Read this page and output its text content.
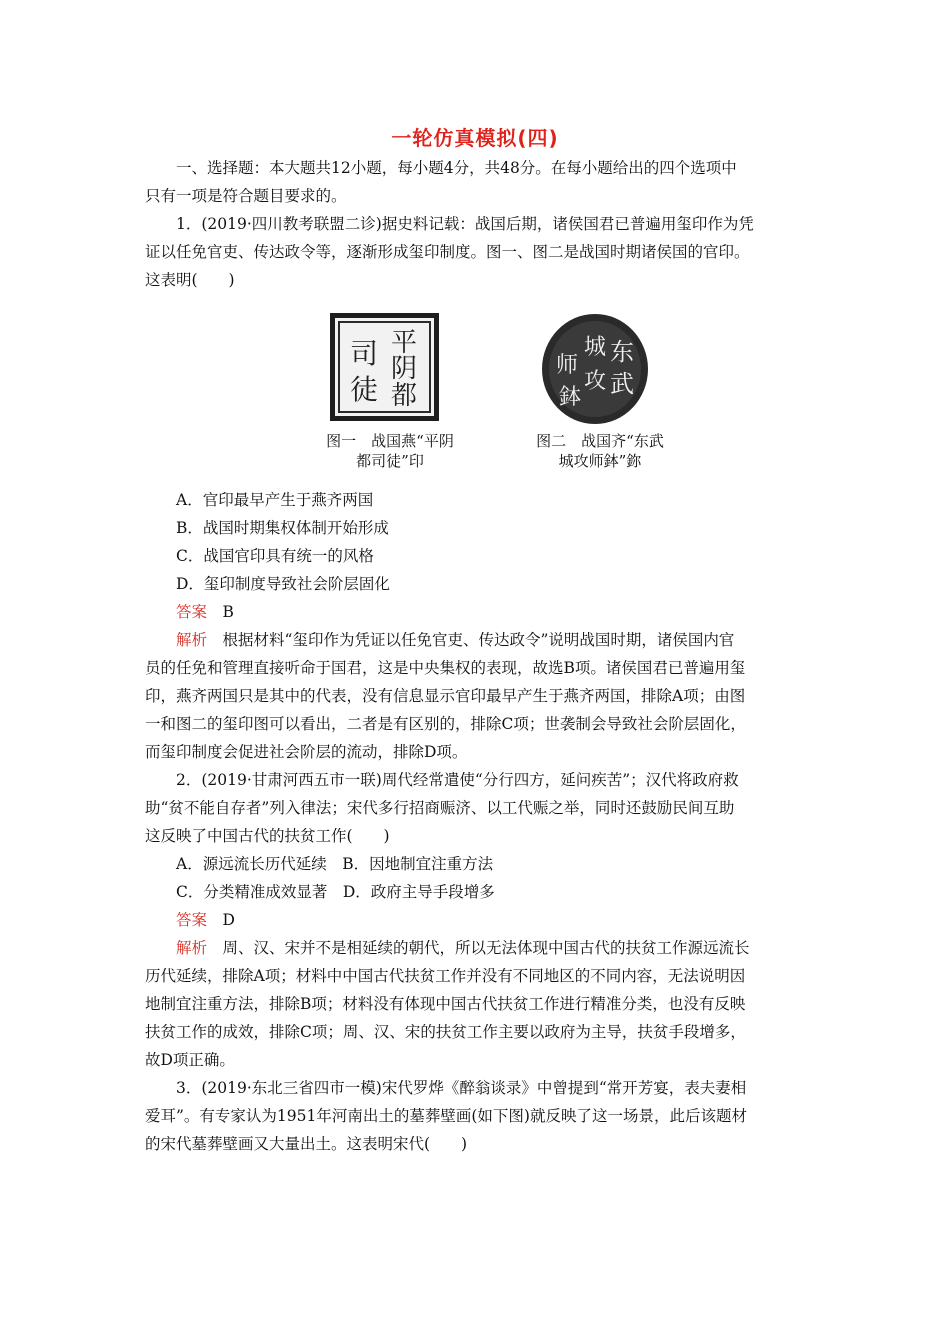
一轮仿真模拟(四)
一、选择题：本大题共12小题，每小题4分，共48分。在每小题给出的四个选项中
只有一项是符合题目要求的。
1．(2019·四川教考联盟二诊)据史料记载：战国后期，诸侯国君已普遍用玺印作为凭
证以任免官吏、传达政令等，逐渐形成玺印制度。图一、图二是战国时期诸侯国的官印。
这表明(　　)
A．官印最早产生于燕齐两国
B．战国时期集权体制开始形成
C．战国官印具有统一的风格
D．玺印制度导致社会阶层固化
答案　B
解析　根据材料“玺印作为凭证以任免官吏、传达政令”说明战国时期，诸侯国内官
员的任免和管理直接听命于国君，这是中央集权的表现，故选B项。诸侯国君已普遍用玺
印，燕齐两国只是其中的代表，没有信息显示官印最早产生于燕齐两国，排除A项；由图
一和图二的玺印图可以看出，二者是有区别的，排除C项；世袭制会导致社会阶层固化，
而玺印制度会促进社会阶层的流动，排除D项。
2．(2019·甘肃河西五市一联)周代经常遣使“分行四方，延问疾苦”；汉代将政府救
助“贫不能自存者”列入律法；宋代多行招商赈济、以工代赈之举，同时还鼓励民间互助
这反映了中国古代的扶贫工作(　　)
A．源远流长历代延续　B．因地制宜注重方法
C．分类精准成效显著　D．政府主导手段增多
答案　D
解析　周、汉、宋并不是相延续的朝代，所以无法体现中国古代的扶贫工作源远流长
历代延续，排除A项；材料中中国古代扶贫工作并没有不同地区的不同内容，无法说明因
地制宜注重方法，排除B项；材料没有体现中国古代扶贫工作进行精准分类，也没有反映
扶贫工作的成效，排除C项；周、汉、宋的扶贫工作主要以政府为主导，扶贫手段增多，
故D项正确。
3．(2019·东北三省四市一模)宋代罗烨《醉翁谈录》中曾提到“常开芳宴，表夫妻相
爱耳”。有专家认为1951年河南出土的墓葬壁画(如下图)就反映了这一场景，此后该题材
的宋代墓葬壁画又大量出土。这表明宋代(　　)
平
阴
都
司
徒
图一　战国燕“平阴
都司徒”印
东
武
城
攻
师
鉢
图二　战国齐“东武
城攻师鉢”鉨
